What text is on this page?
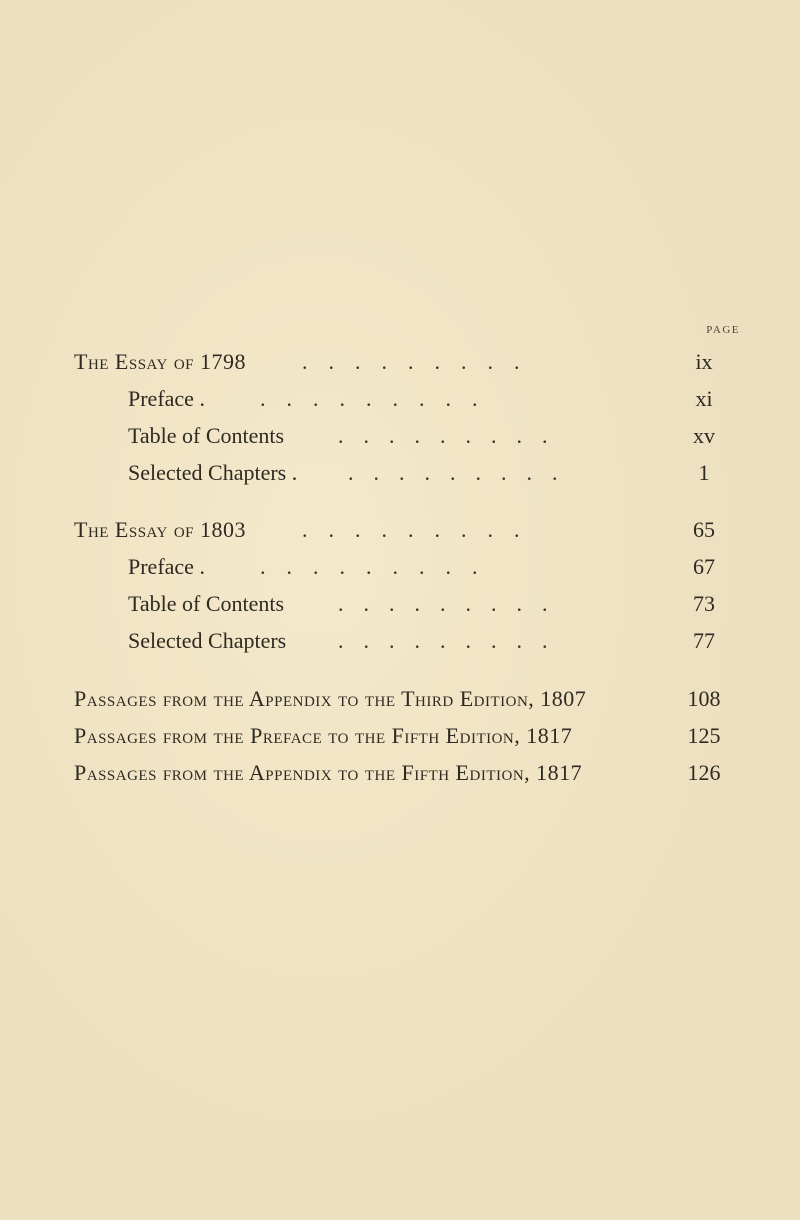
PAGE
The Essay of 1798	.........	ix
Preface .	.........	xi
Table of Contents .........	xv
Selected Chapters . .........	1
The Essay of 1803	.........	65
Preface .	.........	67
Table of Contents .........	73
Selected Chapters .........	77
Passages from the Appendix to the Third Edition, 1807	108
Passages from the Preface to the Fifth Edition, 1817	125
Passages from the Appendix to the Fifth Edition, 1817	126
